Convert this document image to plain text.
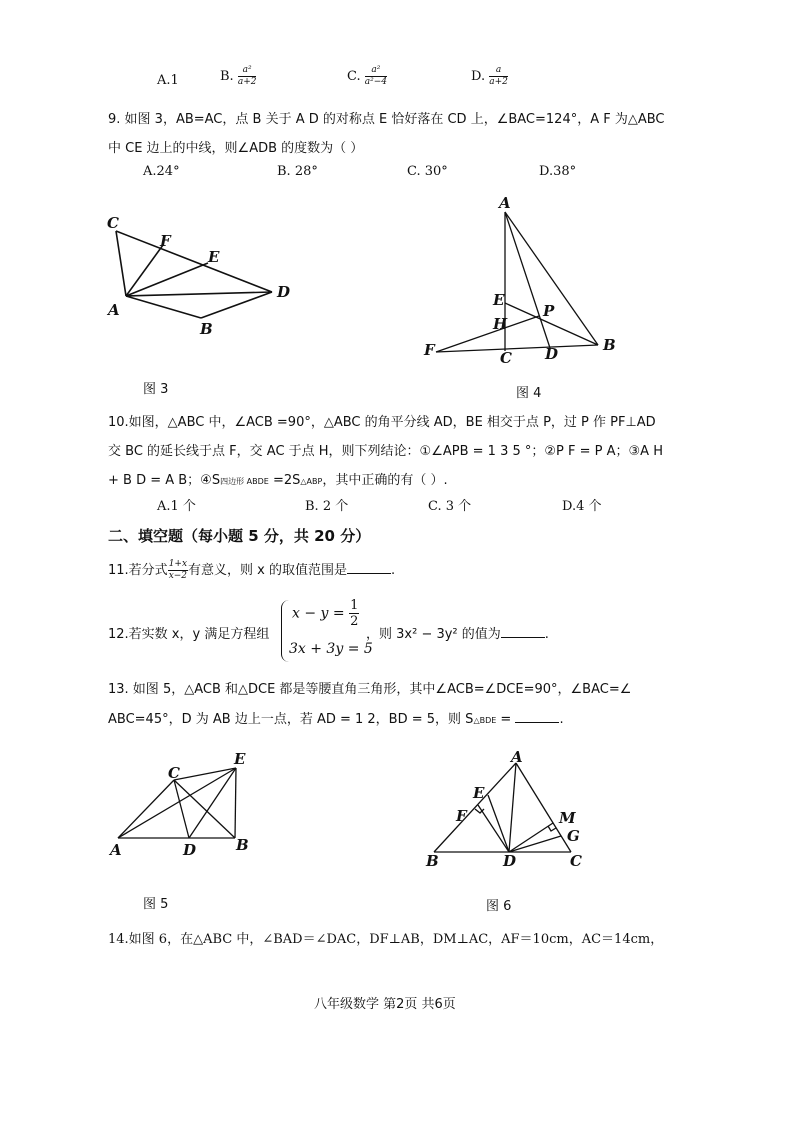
A.1	B. $\frac{\text{a²}}{a+2}$	C. $\frac{\text{a²}}{\text{a²−4}}$	D. $\frac{a}{a+2}$
9. 如图 3，AB=AC，点 B 关于 A D 的对称点 E 恰好落在 CD 上，∠BAC=124°，A F 为△ABC
中 CE 边上的中线，则∠ADB 的度数为（ ）
A.24°	B. 28°	C. 30°	D.38°
C
F
E
A
D
B
图 3
A
E
P
H
F	C D	B
图 4
10.如图，△ABC 中，∠ACB =90°，△ABC 的角平分线 AD，BE 相交于点 P，过 P 作 PF⊥AD
交 BC 的延长线于点 F，交 AC 于点 H，则下列结论：①∠APB = 1 3 5 °；②P F = P A；③A H
+ B D = A B；④S四边形 ABDE =2S△ABP，其中正确的有（ ）.
A.1 个	B. 2 个	C. 3 个	D.4 个
二、填空题（每小题 5 分，共 20 分）
11.若分式 $\frac{1+x}{x-2}$ 有意义，则 x 的取值范围是	.
12.若实数 x，y 满足方程组
$x - y = \frac{1}{2}$
3x + 3y = 5
，则 3x² − 3y² 的值为	.
13. 如图 5，△ACB 和△DCE 都是等腰直角三角形，其中∠ACB=∠DCE=90°，∠BAC=∠
ABC=45°，D 为 AB 边上一点，若 AD = 1 2，BD = 5，则 S△BDE =	.
C
E
A	D	B
图 5
A
E
F	M
G
B	D	C
图 6
14.如图 6，在△ABC 中，∠BAD＝∠DAC，DF⊥AB，DM⊥AC，AF＝10cm，AC＝14cm，
八年级数学 第2页 共6页
